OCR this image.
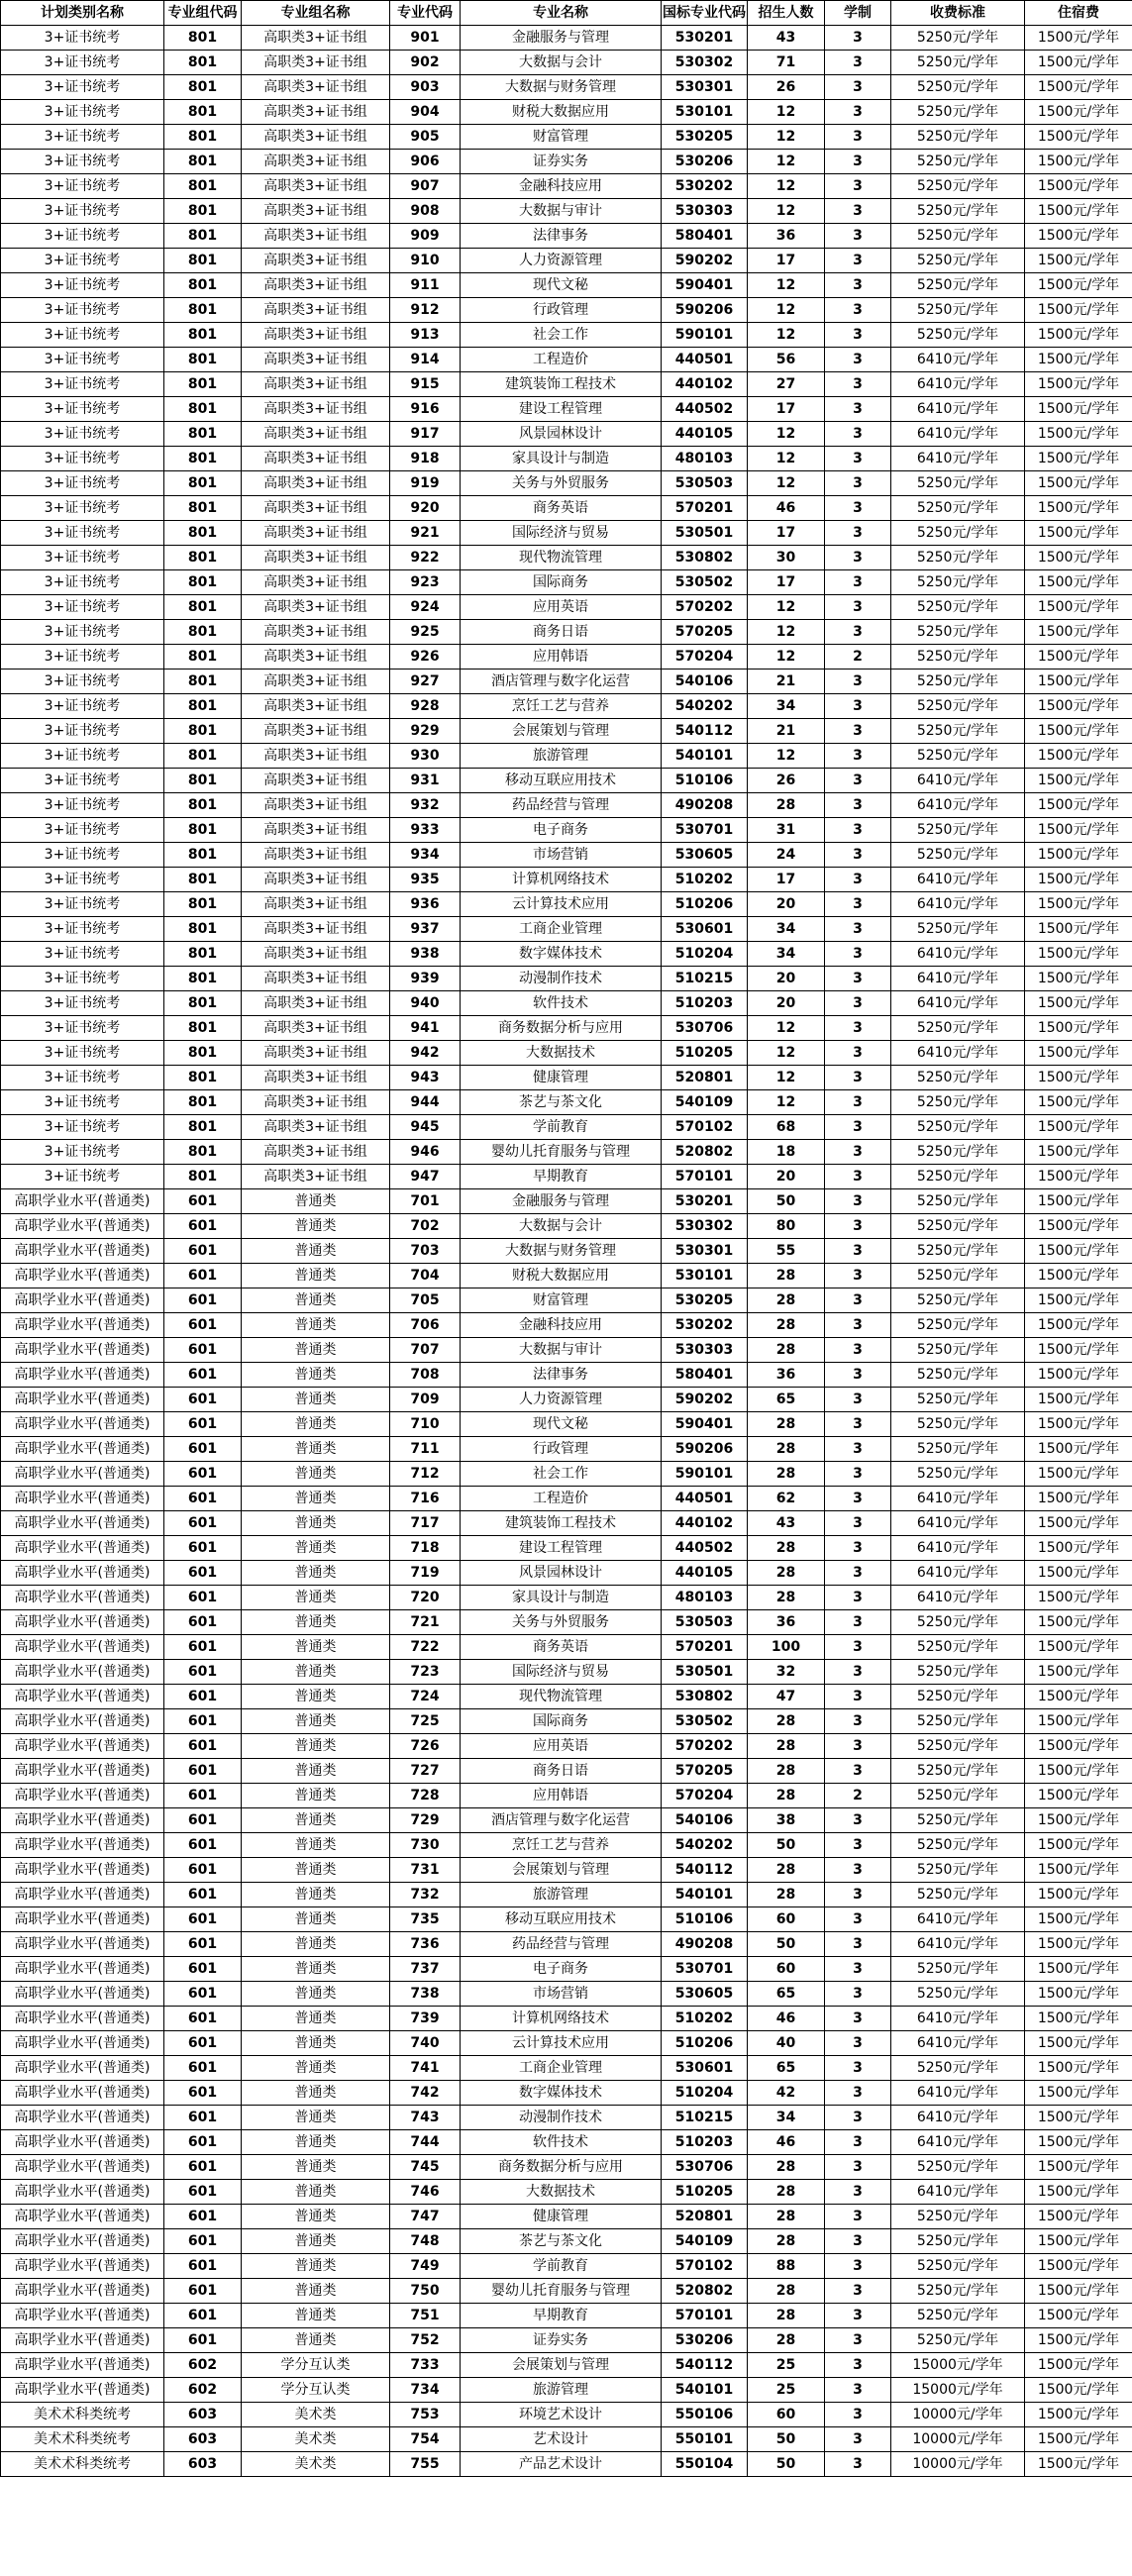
计划类别名称	专业组代码	专业组名称	专业代码	专业名称	国标专业代码	招生人数	学制	收费标准	住宿费
3+证书统考	801	高职类3+证书组	901	金融服务与管理	530201	43	3	5250元/学年	1500元/学年
3+证书统考	801	高职类3+证书组	902	大数据与会计	530302	71	3	5250元/学年	1500元/学年
3+证书统考	801	高职类3+证书组	903	大数据与财务管理	530301	26	3	5250元/学年	1500元/学年
3+证书统考	801	高职类3+证书组	904	财税大数据应用	530101	12	3	5250元/学年	1500元/学年
3+证书统考	801	高职类3+证书组	905	财富管理	530205	12	3	5250元/学年	1500元/学年
3+证书统考	801	高职类3+证书组	906	证券实务	530206	12	3	5250元/学年	1500元/学年
3+证书统考	801	高职类3+证书组	907	金融科技应用	530202	12	3	5250元/学年	1500元/学年
3+证书统考	801	高职类3+证书组	908	大数据与审计	530303	12	3	5250元/学年	1500元/学年
3+证书统考	801	高职类3+证书组	909	法律事务	580401	36	3	5250元/学年	1500元/学年
3+证书统考	801	高职类3+证书组	910	人力资源管理	590202	17	3	5250元/学年	1500元/学年
3+证书统考	801	高职类3+证书组	911	现代文秘	590401	12	3	5250元/学年	1500元/学年
3+证书统考	801	高职类3+证书组	912	行政管理	590206	12	3	5250元/学年	1500元/学年
3+证书统考	801	高职类3+证书组	913	社会工作	590101	12	3	5250元/学年	1500元/学年
3+证书统考	801	高职类3+证书组	914	工程造价	440501	56	3	6410元/学年	1500元/学年
3+证书统考	801	高职类3+证书组	915	建筑装饰工程技术	440102	27	3	6410元/学年	1500元/学年
3+证书统考	801	高职类3+证书组	916	建设工程管理	440502	17	3	6410元/学年	1500元/学年
3+证书统考	801	高职类3+证书组	917	风景园林设计	440105	12	3	6410元/学年	1500元/学年
3+证书统考	801	高职类3+证书组	918	家具设计与制造	480103	12	3	6410元/学年	1500元/学年
3+证书统考	801	高职类3+证书组	919	关务与外贸服务	530503	12	3	5250元/学年	1500元/学年
3+证书统考	801	高职类3+证书组	920	商务英语	570201	46	3	5250元/学年	1500元/学年
3+证书统考	801	高职类3+证书组	921	国际经济与贸易	530501	17	3	5250元/学年	1500元/学年
3+证书统考	801	高职类3+证书组	922	现代物流管理	530802	30	3	5250元/学年	1500元/学年
3+证书统考	801	高职类3+证书组	923	国际商务	530502	17	3	5250元/学年	1500元/学年
3+证书统考	801	高职类3+证书组	924	应用英语	570202	12	3	5250元/学年	1500元/学年
3+证书统考	801	高职类3+证书组	925	商务日语	570205	12	3	5250元/学年	1500元/学年
3+证书统考	801	高职类3+证书组	926	应用韩语	570204	12	2	5250元/学年	1500元/学年
3+证书统考	801	高职类3+证书组	927	酒店管理与数字化运营	540106	21	3	5250元/学年	1500元/学年
3+证书统考	801	高职类3+证书组	928	烹饪工艺与营养	540202	34	3	5250元/学年	1500元/学年
3+证书统考	801	高职类3+证书组	929	会展策划与管理	540112	21	3	5250元/学年	1500元/学年
3+证书统考	801	高职类3+证书组	930	旅游管理	540101	12	3	5250元/学年	1500元/学年
3+证书统考	801	高职类3+证书组	931	移动互联应用技术	510106	26	3	6410元/学年	1500元/学年
3+证书统考	801	高职类3+证书组	932	药品经营与管理	490208	28	3	6410元/学年	1500元/学年
3+证书统考	801	高职类3+证书组	933	电子商务	530701	31	3	5250元/学年	1500元/学年
3+证书统考	801	高职类3+证书组	934	市场营销	530605	24	3	5250元/学年	1500元/学年
3+证书统考	801	高职类3+证书组	935	计算机网络技术	510202	17	3	6410元/学年	1500元/学年
3+证书统考	801	高职类3+证书组	936	云计算技术应用	510206	20	3	6410元/学年	1500元/学年
3+证书统考	801	高职类3+证书组	937	工商企业管理	530601	34	3	5250元/学年	1500元/学年
3+证书统考	801	高职类3+证书组	938	数字媒体技术	510204	34	3	6410元/学年	1500元/学年
3+证书统考	801	高职类3+证书组	939	动漫制作技术	510215	20	3	6410元/学年	1500元/学年
3+证书统考	801	高职类3+证书组	940	软件技术	510203	20	3	6410元/学年	1500元/学年
3+证书统考	801	高职类3+证书组	941	商务数据分析与应用	530706	12	3	5250元/学年	1500元/学年
3+证书统考	801	高职类3+证书组	942	大数据技术	510205	12	3	6410元/学年	1500元/学年
3+证书统考	801	高职类3+证书组	943	健康管理	520801	12	3	5250元/学年	1500元/学年
3+证书统考	801	高职类3+证书组	944	茶艺与茶文化	540109	12	3	5250元/学年	1500元/学年
3+证书统考	801	高职类3+证书组	945	学前教育	570102	68	3	5250元/学年	1500元/学年
3+证书统考	801	高职类3+证书组	946	婴幼儿托育服务与管理	520802	18	3	5250元/学年	1500元/学年
3+证书统考	801	高职类3+证书组	947	早期教育	570101	20	3	5250元/学年	1500元/学年
高职学业水平(普通类)	601	普通类	701	金融服务与管理	530201	50	3	5250元/学年	1500元/学年
高职学业水平(普通类)	601	普通类	702	大数据与会计	530302	80	3	5250元/学年	1500元/学年
高职学业水平(普通类)	601	普通类	703	大数据与财务管理	530301	55	3	5250元/学年	1500元/学年
高职学业水平(普通类)	601	普通类	704	财税大数据应用	530101	28	3	5250元/学年	1500元/学年
高职学业水平(普通类)	601	普通类	705	财富管理	530205	28	3	5250元/学年	1500元/学年
高职学业水平(普通类)	601	普通类	706	金融科技应用	530202	28	3	5250元/学年	1500元/学年
高职学业水平(普通类)	601	普通类	707	大数据与审计	530303	28	3	5250元/学年	1500元/学年
高职学业水平(普通类)	601	普通类	708	法律事务	580401	36	3	5250元/学年	1500元/学年
高职学业水平(普通类)	601	普通类	709	人力资源管理	590202	65	3	5250元/学年	1500元/学年
高职学业水平(普通类)	601	普通类	710	现代文秘	590401	28	3	5250元/学年	1500元/学年
高职学业水平(普通类)	601	普通类	711	行政管理	590206	28	3	5250元/学年	1500元/学年
高职学业水平(普通类)	601	普通类	712	社会工作	590101	28	3	5250元/学年	1500元/学年
高职学业水平(普通类)	601	普通类	716	工程造价	440501	62	3	6410元/学年	1500元/学年
高职学业水平(普通类)	601	普通类	717	建筑装饰工程技术	440102	43	3	6410元/学年	1500元/学年
高职学业水平(普通类)	601	普通类	718	建设工程管理	440502	28	3	6410元/学年	1500元/学年
高职学业水平(普通类)	601	普通类	719	风景园林设计	440105	28	3	6410元/学年	1500元/学年
高职学业水平(普通类)	601	普通类	720	家具设计与制造	480103	28	3	6410元/学年	1500元/学年
高职学业水平(普通类)	601	普通类	721	关务与外贸服务	530503	36	3	5250元/学年	1500元/学年
高职学业水平(普通类)	601	普通类	722	商务英语	570201	100	3	5250元/学年	1500元/学年
高职学业水平(普通类)	601	普通类	723	国际经济与贸易	530501	32	3	5250元/学年	1500元/学年
高职学业水平(普通类)	601	普通类	724	现代物流管理	530802	47	3	5250元/学年	1500元/学年
高职学业水平(普通类)	601	普通类	725	国际商务	530502	28	3	5250元/学年	1500元/学年
高职学业水平(普通类)	601	普通类	726	应用英语	570202	28	3	5250元/学年	1500元/学年
高职学业水平(普通类)	601	普通类	727	商务日语	570205	28	3	5250元/学年	1500元/学年
高职学业水平(普通类)	601	普通类	728	应用韩语	570204	28	2	5250元/学年	1500元/学年
高职学业水平(普通类)	601	普通类	729	酒店管理与数字化运营	540106	38	3	5250元/学年	1500元/学年
高职学业水平(普通类)	601	普通类	730	烹饪工艺与营养	540202	50	3	5250元/学年	1500元/学年
高职学业水平(普通类)	601	普通类	731	会展策划与管理	540112	28	3	5250元/学年	1500元/学年
高职学业水平(普通类)	601	普通类	732	旅游管理	540101	28	3	5250元/学年	1500元/学年
高职学业水平(普通类)	601	普通类	735	移动互联应用技术	510106	60	3	6410元/学年	1500元/学年
高职学业水平(普通类)	601	普通类	736	药品经营与管理	490208	50	3	6410元/学年	1500元/学年
高职学业水平(普通类)	601	普通类	737	电子商务	530701	60	3	5250元/学年	1500元/学年
高职学业水平(普通类)	601	普通类	738	市场营销	530605	65	3	5250元/学年	1500元/学年
高职学业水平(普通类)	601	普通类	739	计算机网络技术	510202	46	3	6410元/学年	1500元/学年
高职学业水平(普通类)	601	普通类	740	云计算技术应用	510206	40	3	6410元/学年	1500元/学年
高职学业水平(普通类)	601	普通类	741	工商企业管理	530601	65	3	5250元/学年	1500元/学年
高职学业水平(普通类)	601	普通类	742	数字媒体技术	510204	42	3	6410元/学年	1500元/学年
高职学业水平(普通类)	601	普通类	743	动漫制作技术	510215	34	3	6410元/学年	1500元/学年
高职学业水平(普通类)	601	普通类	744	软件技术	510203	46	3	6410元/学年	1500元/学年
高职学业水平(普通类)	601	普通类	745	商务数据分析与应用	530706	28	3	5250元/学年	1500元/学年
高职学业水平(普通类)	601	普通类	746	大数据技术	510205	28	3	6410元/学年	1500元/学年
高职学业水平(普通类)	601	普通类	747	健康管理	520801	28	3	5250元/学年	1500元/学年
高职学业水平(普通类)	601	普通类	748	茶艺与茶文化	540109	28	3	5250元/学年	1500元/学年
高职学业水平(普通类)	601	普通类	749	学前教育	570102	88	3	5250元/学年	1500元/学年
高职学业水平(普通类)	601	普通类	750	婴幼儿托育服务与管理	520802	28	3	5250元/学年	1500元/学年
高职学业水平(普通类)	601	普通类	751	早期教育	570101	28	3	5250元/学年	1500元/学年
高职学业水平(普通类)	601	普通类	752	证券实务	530206	28	3	5250元/学年	1500元/学年
高职学业水平(普通类)	602	学分互认类	733	会展策划与管理	540112	25	3	15000元/学年	1500元/学年
高职学业水平(普通类)	602	学分互认类	734	旅游管理	540101	25	3	15000元/学年	1500元/学年
美术术科类统考	603	美术类	753	环境艺术设计	550106	60	3	10000元/学年	1500元/学年
美术术科类统考	603	美术类	754	艺术设计	550101	50	3	10000元/学年	1500元/学年
美术术科类统考	603	美术类	755	产品艺术设计	550104	50	3	10000元/学年	1500元/学年
